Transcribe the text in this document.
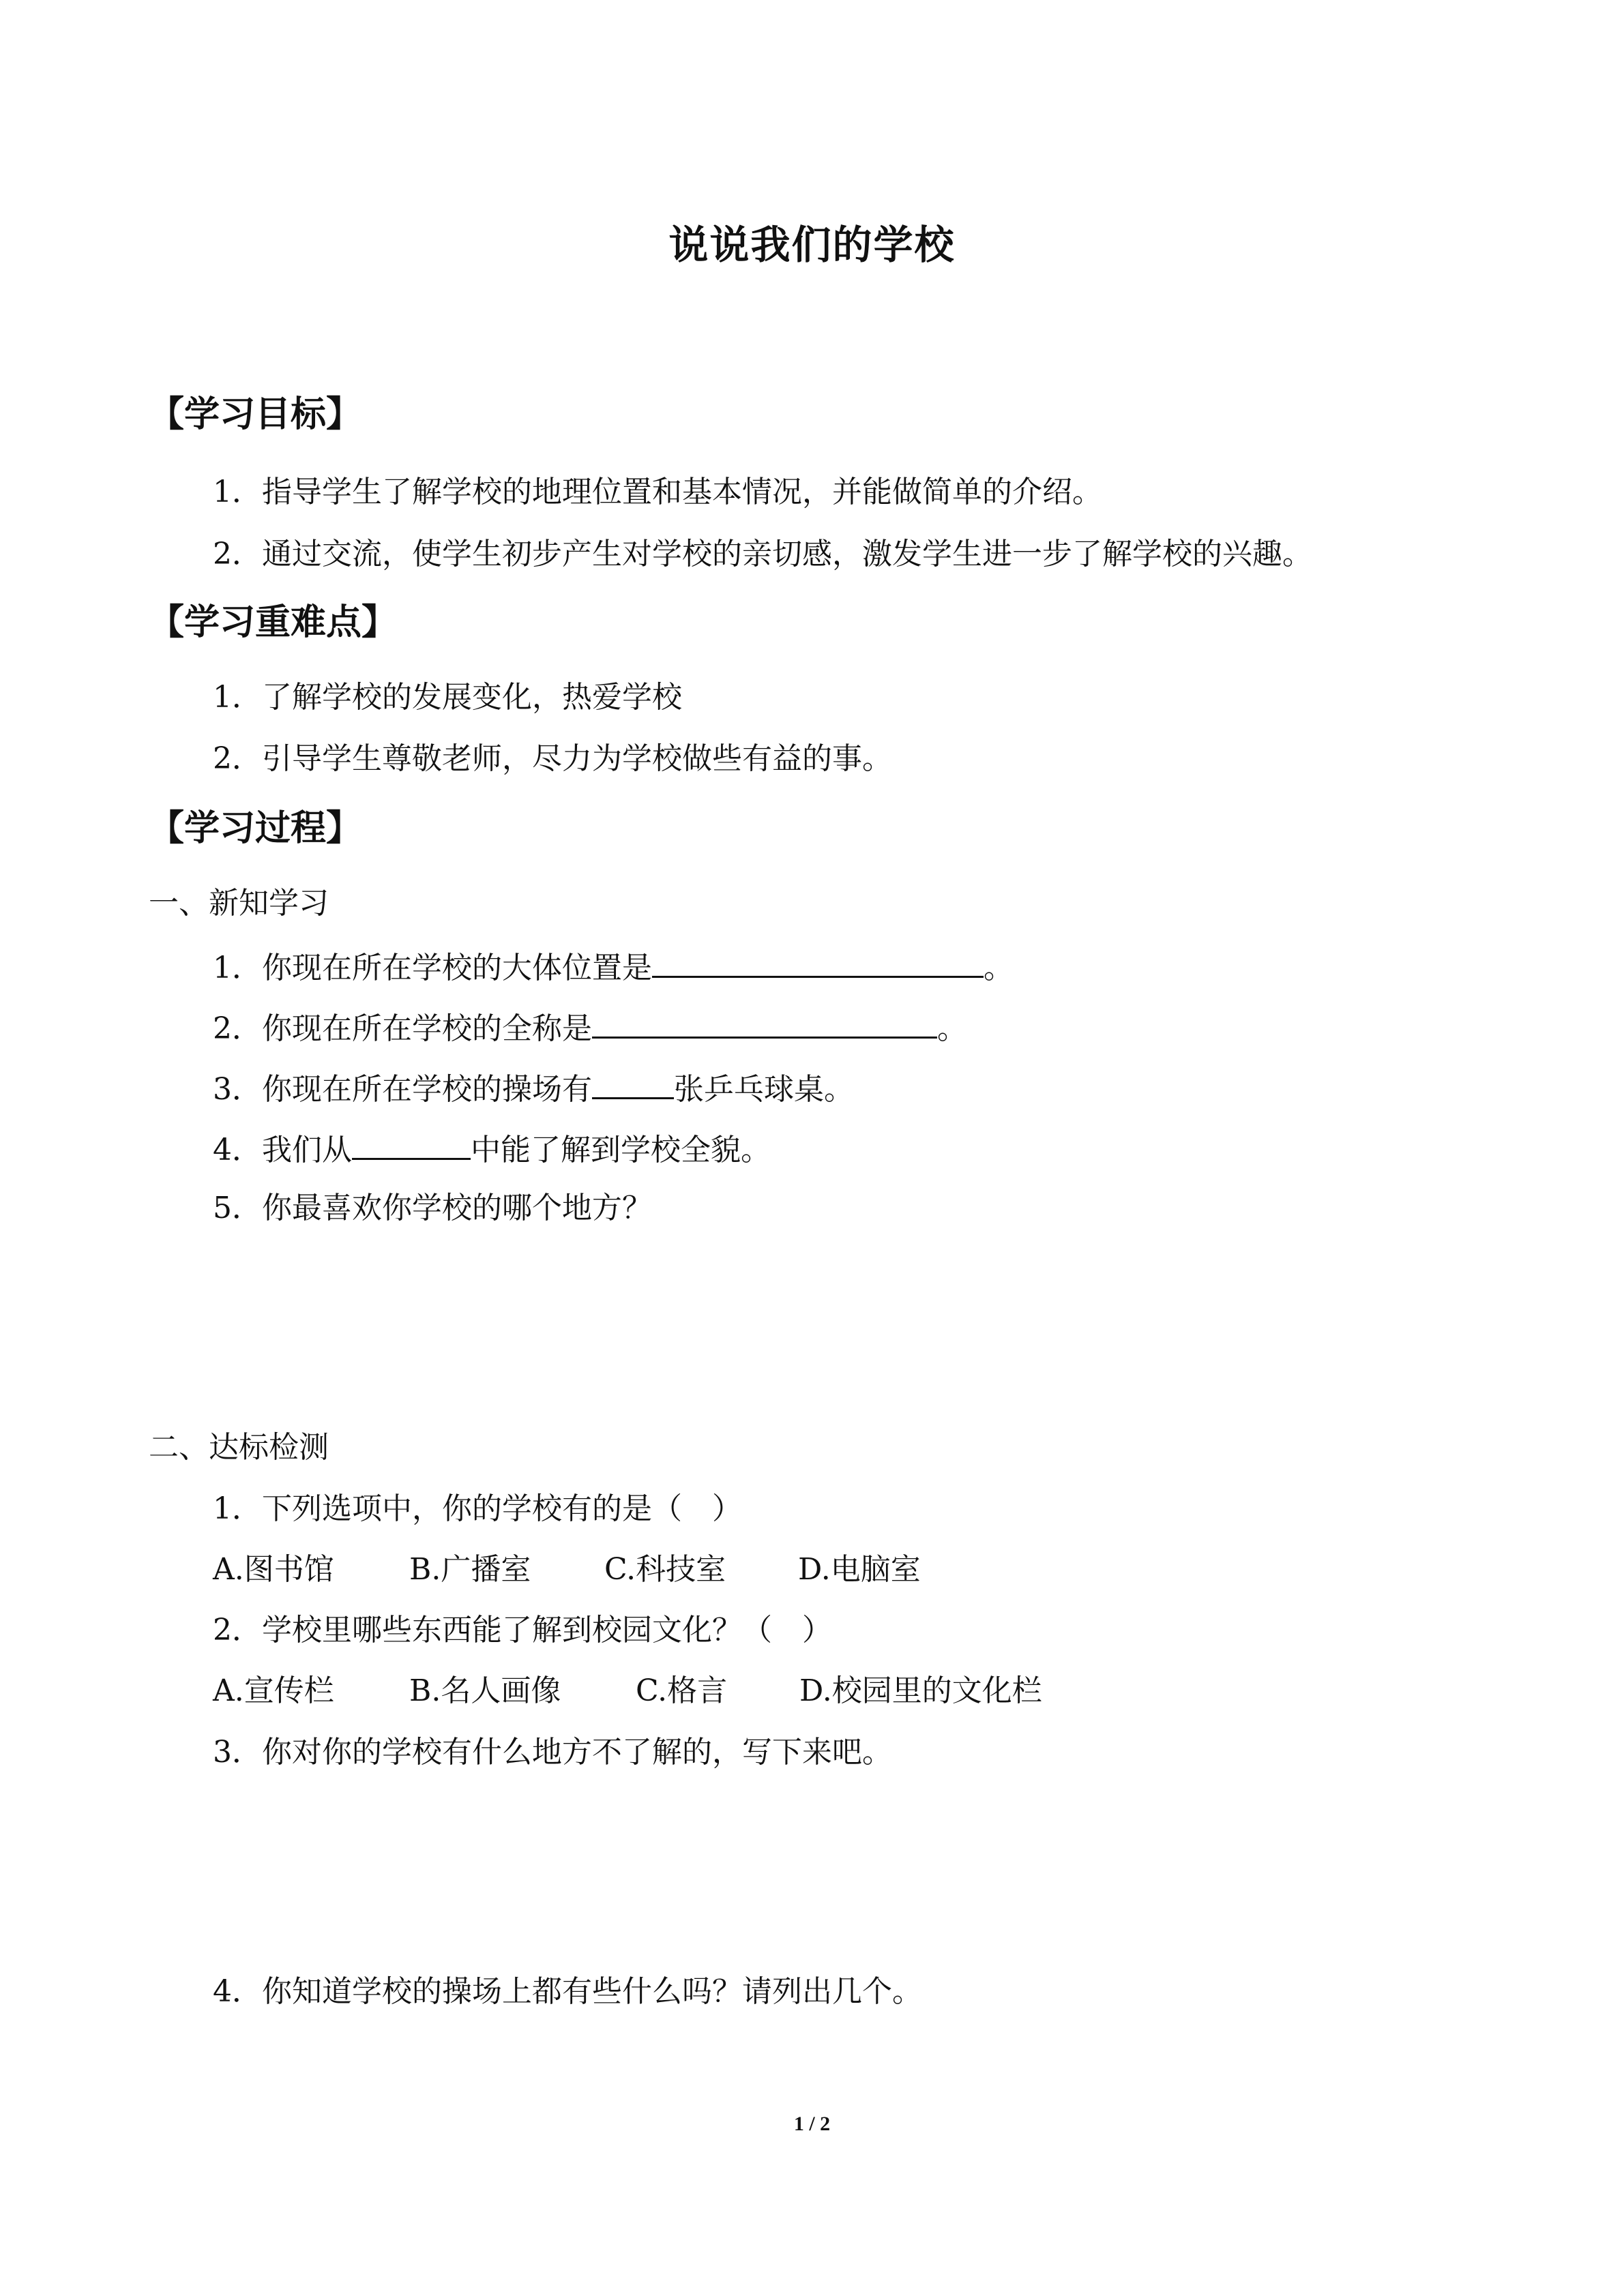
说说我们的学校
【学习目标】
1．指导学生了解学校的地理位置和基本情况，并能做简单的介绍。
2．通过交流，使学生初步产生对学校的亲切感，激发学生进一步了解学校的兴趣。
【学习重难点】
1．了解学校的发展变化，热爱学校
2．引导学生尊敬老师，尽力为学校做些有益的事。
【学习过程】
一、新知学习
1．你现在所在学校的大体位置是	。
2．你现在所在学校的全称是	。
3．你现在所在学校的操场有	张乒乓球桌。
4．我们从	中能了解到学校全貌。
5．你最喜欢你学校的哪个地方？
二、达标检测
1．下列选项中，你的学校有的是（　）
A.图书馆	B.广播室 C.科技室 D.电脑室
2．学校里哪些东西能了解到校园文化？（　）
A.宣传栏	B.名人画像 C.格言 D.校园里的文化栏
3．你对你的学校有什么地方不了解的，写下来吧。
4．你知道学校的操场上都有些什么吗？请列出几个。
1 / 2
